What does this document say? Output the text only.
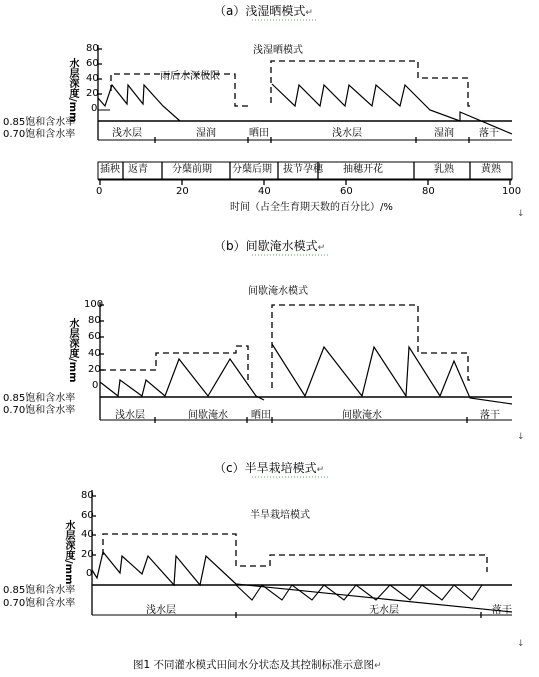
（a）浅湿晒模式↵
（b）间歇淹水模式↵
（c）半旱栽培模式↵
图1 不同灌水模式田间水分状态及其控制标准示意图↵
↓
↓
↓
水层深度/mm
80
60
40
20
0
0.85饱和含水率
0.70饱和含水率
浅湿晒模式
雨后水深极限
浅水层	湿润	晒田	浅水层	湿润	落干
插秧 返青 分蘖前期 分蘖后期 拔节孕穗 抽穗开花	乳熟	黄熟
0	20	40	60	80	100
时间（占全生育期天数的百分比）/%
水层深度/mm
100
80
60
40
20
0
0.85饱和含水率
0.70饱和含水率
间歇淹水模式
浅水层	间歇淹水 晒田	间歇淹水	落干
水层深度/mm
80
60
40
20
0
0.85饱和含水率
0.70饱和含水率
半旱栽培模式
浅水层	无水层	落干
